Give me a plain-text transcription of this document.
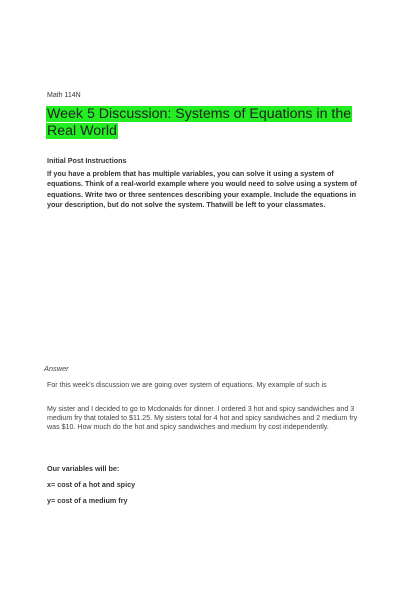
Math 114N
Week 5 Discussion: Systems of Equations in the Real World
Initial Post Instructions
If you have a problem that has multiple variables, you can solve it using a system of equations. Think of a real-world example where you would need to solve using a system of equations. Write two or three sentences describing your example. Include the equations in your description, but do not solve the system. Thatwill be left to your classmates.
Answer
For this week's discussion we are going over system of equations. My example of such is
My sister and I decided to go to Mcdonalds for dinner. I ordered 3 hot and spicy sandwiches and 3 medium fry that totaled to $11.25. My sisters total for 4 hot and spicy sandwiches and 2 medium fry was $10. How much do the hot and spicy sandwiches and medium fry cost independently.
Our variables will be:
x= cost of a hot and spicy
y= cost of a medium fry
